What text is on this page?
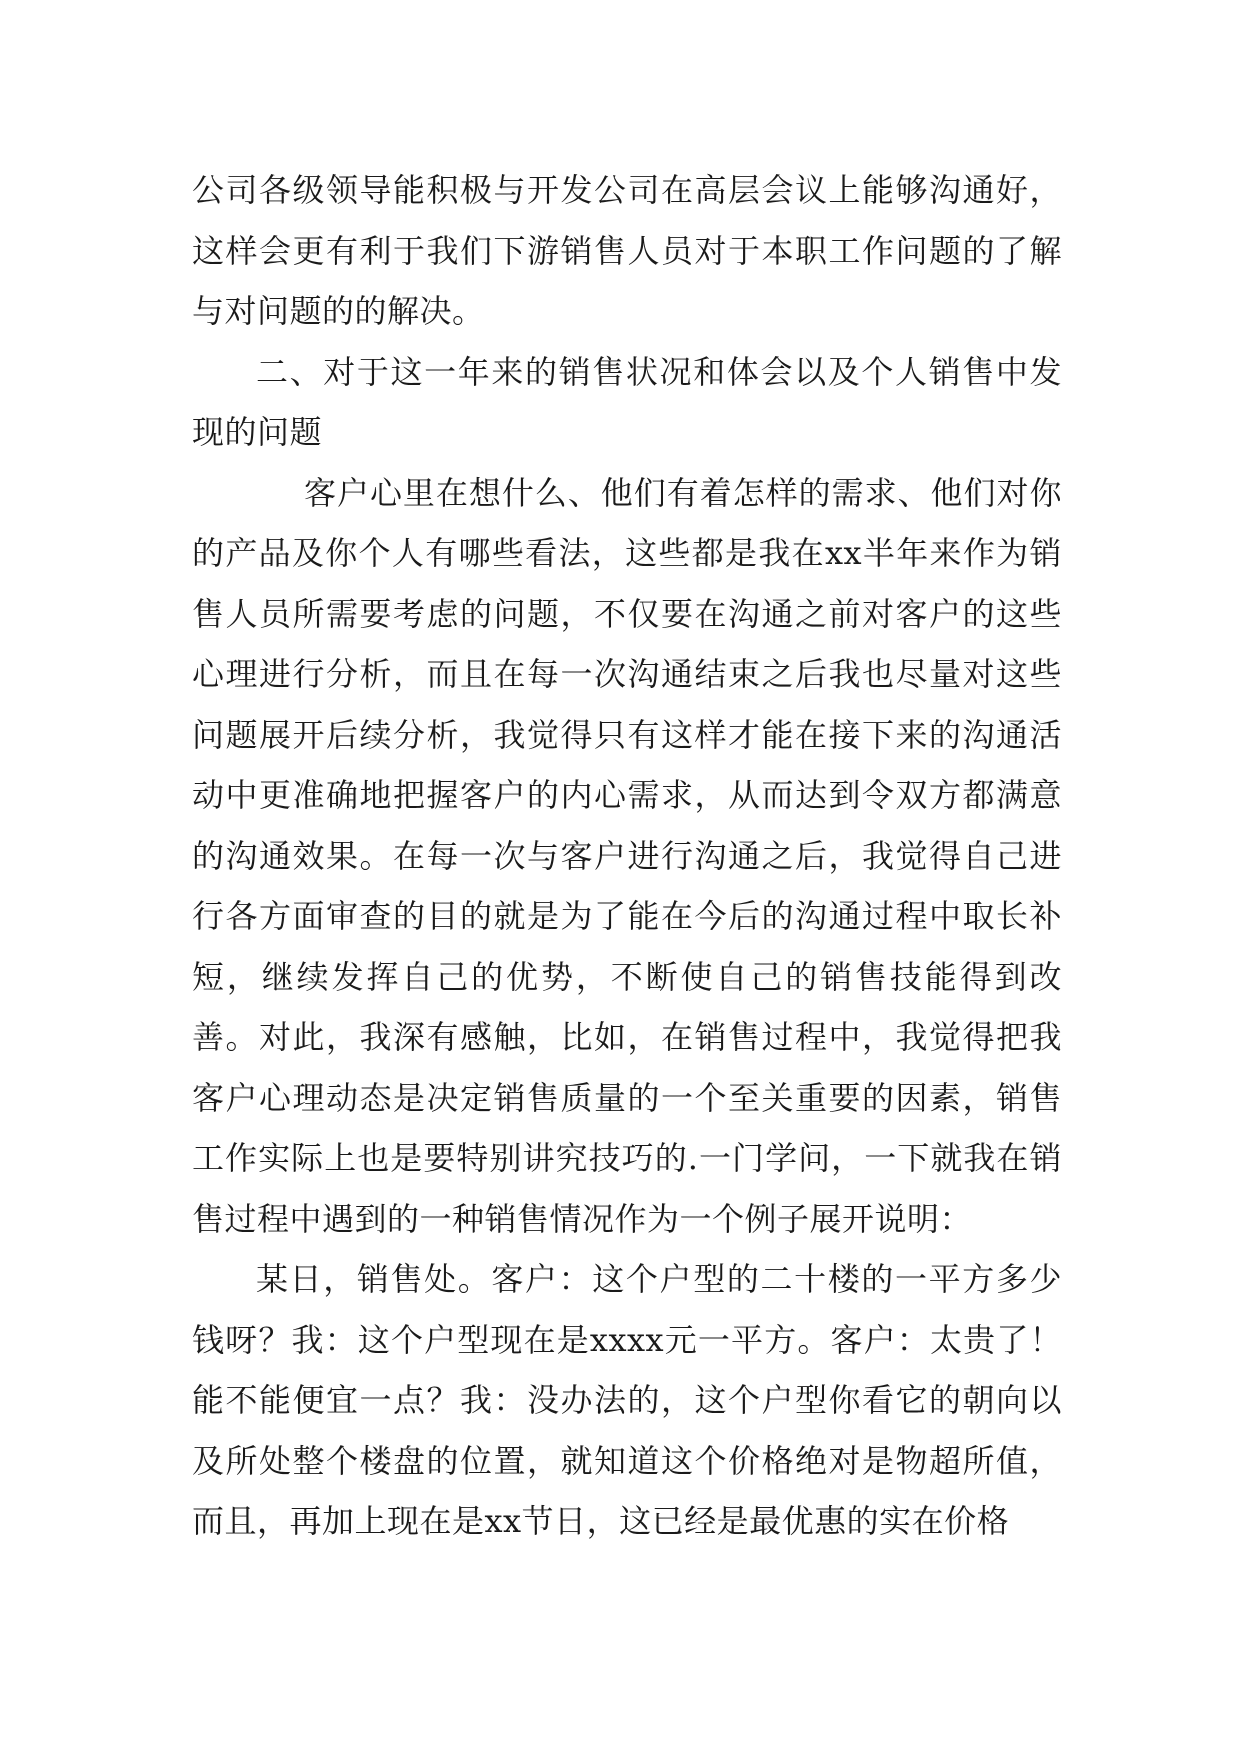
公司各级领导能积极与开发公司在高层会议上能够沟通好，这样会更有利于我们下游销售人员对于本职工作问题的了解与对问题的的解决。

二、对于这一年来的销售状况和体会以及个人销售中发现的问题

客户心里在想什么、他们有着怎样的需求、他们对你的产品及你个人有哪些看法，这些都是我在xx半年来作为销售人员所需要考虑的问题，不仅要在沟通之前对客户的这些心理进行分析，而且在每一次沟通结束之后我也尽量对这些问题展开后续分析，我觉得只有这样才能在接下来的沟通活动中更准确地把握客户的内心需求，从而达到令双方都满意的沟通效果。在每一次与客户进行沟通之后，我觉得自己进行各方面审查的目的就是为了能在今后的沟通过程中取长补短，继续发挥自己的优势，不断使自己的销售技能得到改善。对此，我深有感触，比如，在销售过程中，我觉得把我客户心理动态是决定销售质量的一个至关重要的因素，销售工作实际上也是要特别讲究技巧的.一门学问，一下就我在销售过程中遇到的一种销售情况作为一个例子展开说明：

某日，销售处。客户：这个户型的二十楼的一平方多少钱呀？我：这个户型现在是xxxx元一平方。客户：太贵了！能不能便宜一点？我：没办法的，这个户型你看它的朝向以及所处整个楼盘的位置，就知道这个价格绝对是物超所值，而且，再加上现在是xx节日，这已经是最优惠的实在价格
